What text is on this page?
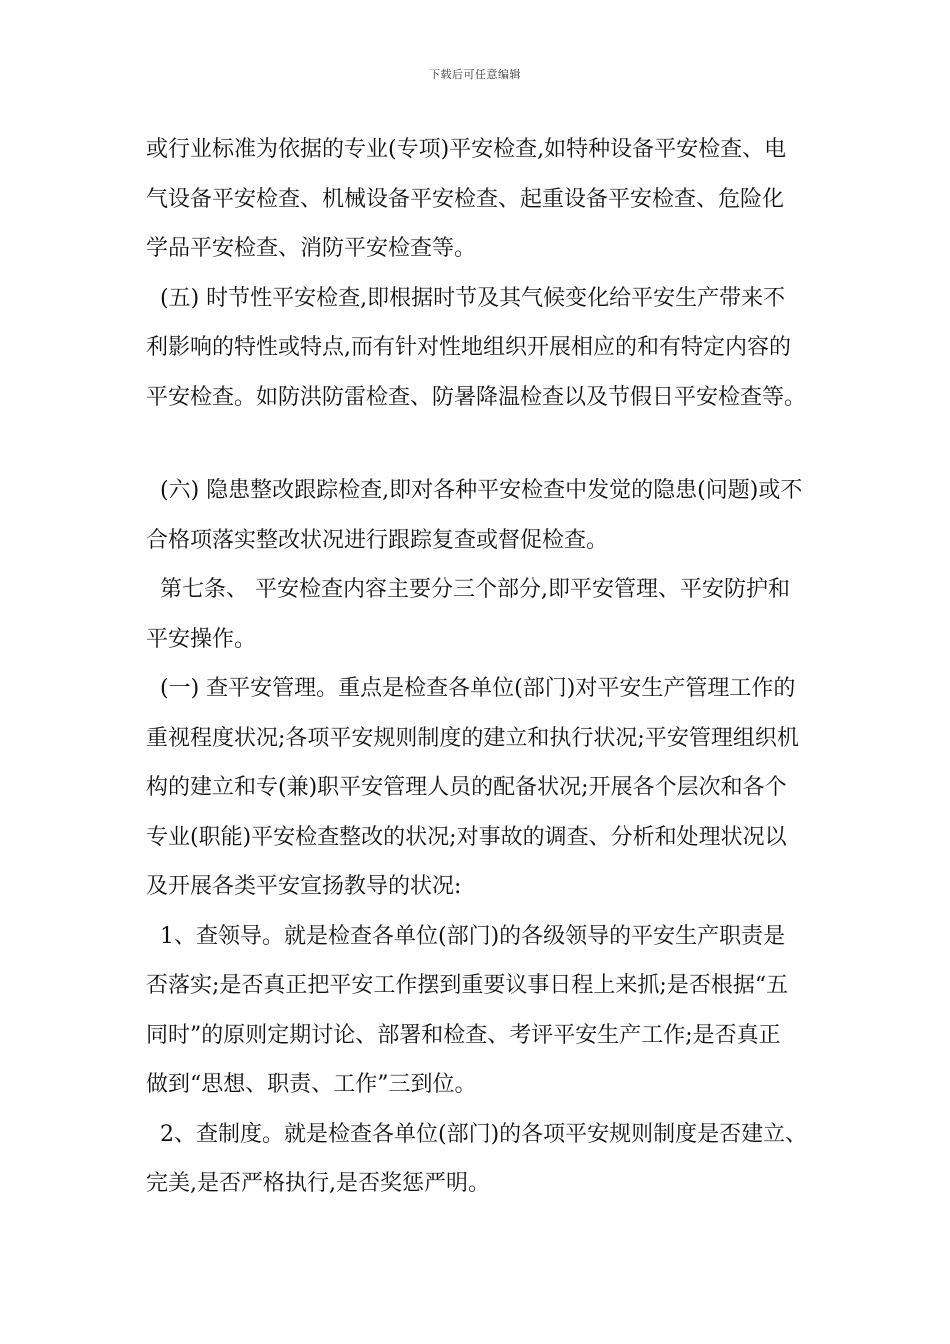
下载后可任意编辑
或行业标准为依据的专业(专项)平安检查,如特种设备平安检查、电
气设备平安检查、机械设备平安检查、起重设备平安检查、危险化
学品平安检查、消防平安检查等。
(五) 时节性平安检查,即根据时节及其气候变化给平安生产带来不
利影响的特性或特点,而有针对性地组织开展相应的和有特定内容的
平安检查。如防洪防雷检查、防暑降温检查以及节假日平安检查等。
(六) 隐患整改跟踪检查,即对各种平安检查中发觉的隐患(问题)或不
合格项落实整改状况进行跟踪复查或督促检查。
第七条、 平安检查内容主要分三个部分,即平安管理、平安防护和
平安操作。
(一) 查平安管理。重点是检查各单位(部门)对平安生产管理工作的
重视程度状况;各项平安规则制度的建立和执行状况;平安管理组织机
构的建立和专(兼)职平安管理人员的配备状况;开展各个层次和各个
专业(职能)平安检查整改的状况;对事故的调查、分析和处理状况以
及开展各类平安宣扬教导的状况:
1、查领导。就是检查各单位(部门)的各级领导的平安生产职责是
否落实;是否真正把平安工作摆到重要议事日程上来抓;是否根据“五
同时”的原则定期讨论、部署和检查、考评平安生产工作;是否真正
做到“思想、职责、工作”三到位。
2、查制度。就是检查各单位(部门)的各项平安规则制度是否建立、
完美,是否严格执行,是否奖惩严明。
